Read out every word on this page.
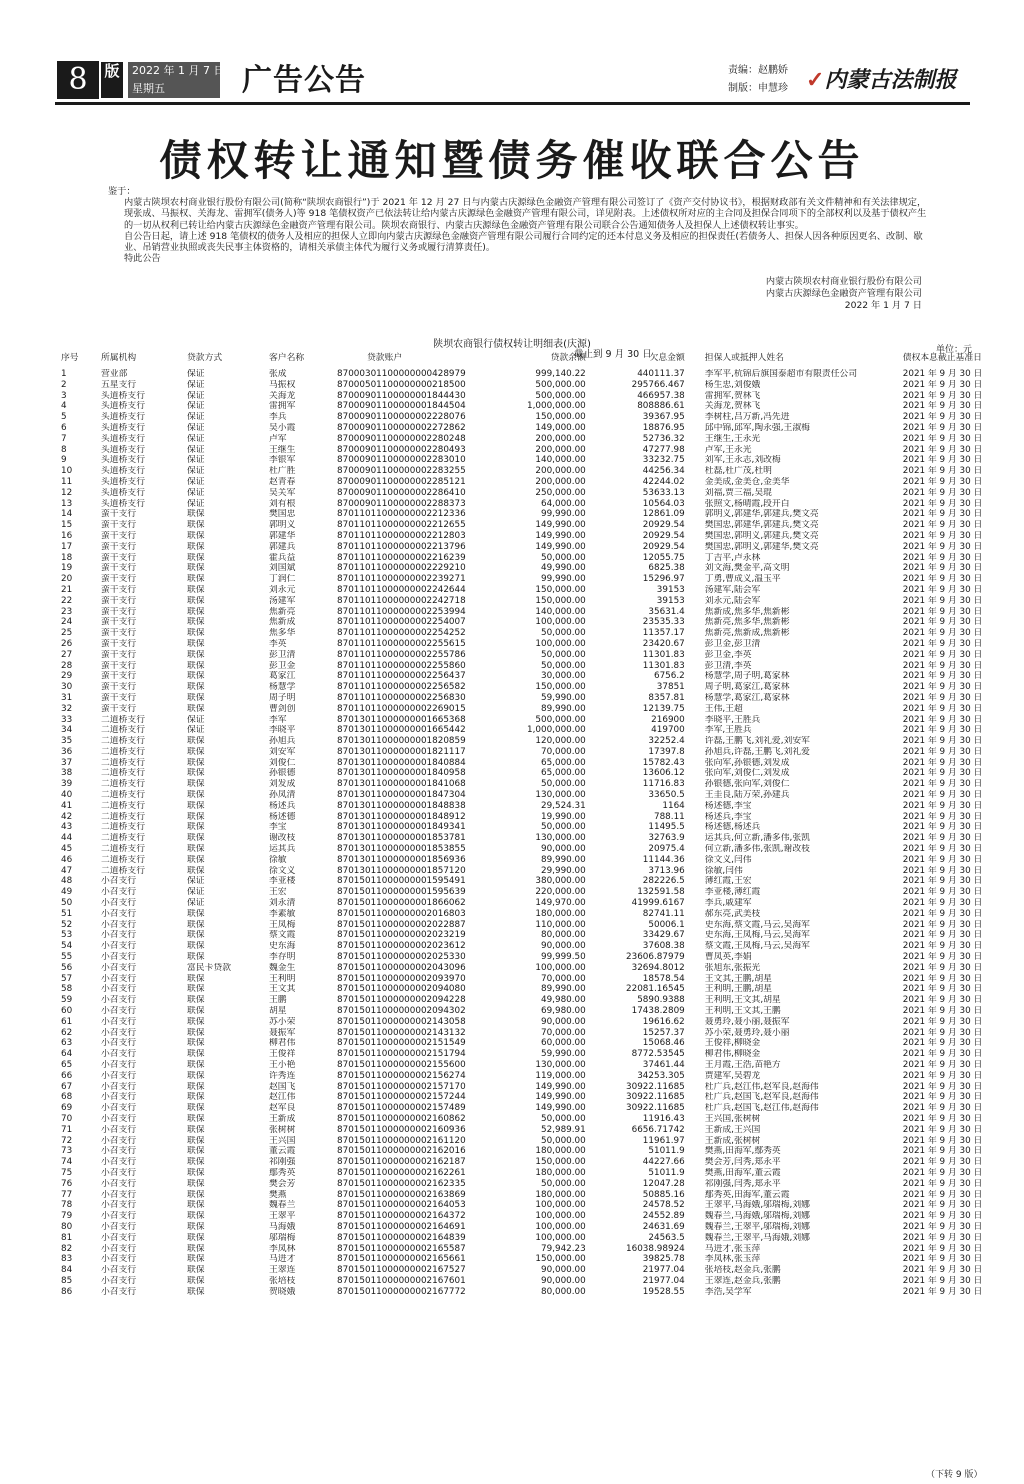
8	版	2022 年 1 月 7 日
星期五	广告公告	责编：赵鹏娇
制版：申慧珍 ✓内蒙古法制报
债权转让通知暨债务催收联合公告

鉴于：

内蒙古陕坝农村商业银行股份有限公司(简称“陕坝农商银行”)于 2021 年 12 月 27 日与内蒙古庆源绿色金融资产管理有限公司签订了《资产交付协议书》，根据财政部有关文件精神和有关法律规定，现张成、马振权、关海龙、雷拥军(债务人)等 918 笔债权资产已依法转让给内蒙古庆源绿色金融资产管理有限公司，详见附表。上述债权所对应的主合同及担保合同项下的全部权利以及基于债权产生的一切从权利已转让给内蒙古庆源绿色金融资产管理有限公司。陕坝农商银行、内蒙古庆源绿色金融资产管理有限公司联合公告通知债务人及担保人上述债权转让事实。

自公告日起，请上述 918 笔债权的债务人及相应的担保人立即向内蒙古庆源绿色金融资产管理有限公司履行合同约定的还本付息义务及相应的担保责任(若债务人、担保人因各种原因更名、改制、歇业、吊销营业执照或丧失民事主体资格的，请相关承债主体代为履行义务或履行清算责任)。

特此公告

内蒙古陕坝农村商业银行股份有限公司
内蒙古庆源绿色金融资产管理有限公司
2022 年 1 月 7 日
陕坝农商银行债权转让明细表(庆源)	单位：元
截止到 9 月 30 日
序号	所属机构	贷款方式	客户名称	贷款账户	贷款余额	欠息金额	担保人或抵押人姓名	债权本息截止基准日
1	营业部	保证	张成	87000301100000000428979	999,140.22	440111.37	李军平,杭锦后旗国泰超市有限责任公司	2021 年 9 月 30 日
2	五星支行	保证	马振权	87000501100000000218500	500,000.00	295766.467	杨生忠,刘俊娥	2021 年 9 月 30 日
3	头道桥支行	保证	关海龙	87000901100000001844430	500,000.00	466957.38	雷拥军,贺林飞	2021 年 9 月 30 日
4	头道桥支行	保证	雷拥军	87000901100000001844504	1,000,000.00	808886.61	关海龙,贺林飞	2021 年 9 月 30 日
5	头道桥支行	保证	李兵	87000901100000002228076	150,000.00	39367.95	李树柱,吕万新,冯先进	2021 年 9 月 30 日
6	头道桥支行	保证	吴小霞	87000901100000002272862	149,000.00	18876.95	邱中锦,邱军,陶永强,王淑梅	2021 年 9 月 30 日
7	头道桥支行	保证	卢军	87000901100000002280248	200,000.00	52736.32	王继生,王永光	2021 年 9 月 30 日
8	头道桥支行	保证	王继生	87000901100000002280493	200,000.00	47277.98	卢军,王永光	2021 年 9 月 30 日
9	头道桥支行	保证	李银军	87000901100000002283010	140,000.00	33232.75	刘军,王永志,刘改梅	2021 年 9 月 30 日
10	头道桥支行	保证	杜广胜	87000901100000002283255	200,000.00	44256.34	杜磊,杜广茂,杜明	2021 年 9 月 30 日
11	头道桥支行	保证	赵青春	87000901100000002285121	200,000.00	42244.02	金美成,金美仓,金美华	2021 年 9 月 30 日
12	头道桥支行	保证	吴关军	87000901100000002286410	250,000.00	53633.13	刘福,贾三福,吴琨	2021 年 9 月 30 日
13	头道桥支行	保证	刘有根	87000901100000002288373	64,000.00	10564.03	张照文,杨晴霞,段开白	2021 年 9 月 30 日
14	蛮干支行	联保	樊国忠	87011011000000002212336	99,990.00	12861.09	郭明义,郭建华,郭建兵,樊文亮	2021 年 9 月 30 日
15	蛮干支行	联保	郭明义	87011011000000002212655	149,990.00	20929.54	樊国忠,郭建华,郭建兵,樊文亮	2021 年 9 月 30 日
16	蛮干支行	联保	郭建华	87011011000000002212803	149,990.00	20929.54	樊国忠,郭明义,郭建兵,樊文亮	2021 年 9 月 30 日
17	蛮干支行	联保	郭建兵	87011011000000002213796	149,990.00	20929.54	樊国忠,郭明义,郭建华,樊文亮	2021 年 9 月 30 日
18	蛮干支行	联保	霍兵益	87011011000000002216239	50,000.00	12055.75	丁吉平,卢永林	2021 年 9 月 30 日
19	蛮干支行	联保	刘国斌	87011011000000002229210	49,990.00	6825.38	刘文海,樊金平,高文明	2021 年 9 月 30 日
20	蛮干支行	联保	丁润仁	87011011000000002239271	99,990.00	15296.97	丁勇,曹成义,温玉平	2021 年 9 月 30 日
21	蛮干支行	联保	刘永元	87011011000000002242644	150,000.00	39153	汤建军,陆会军	2021 年 9 月 30 日
22	蛮干支行	联保	汤建军	87011011000000002242718	150,000.00	39153	刘永元,陆会军	2021 年 9 月 30 日
23	蛮干支行	联保	焦新亮	87011011000000002253994	140,000.00	35631.4	焦新成,焦多华,焦新彬	2021 年 9 月 30 日
24	蛮干支行	联保	焦新成	87011011000000002254007	100,000.00	23535.33	焦新亮,焦多华,焦新彬	2021 年 9 月 30 日
25	蛮干支行	联保	焦多华	87011011000000002254252	50,000.00	11357.17	焦新亮,焦新成,焦新彬	2021 年 9 月 30 日
26	蛮干支行	联保	李英	87011011000000002255615	100,000.00	23420.67	彭卫金,彭卫清	2021 年 9 月 30 日
27	蛮干支行	联保	彭卫清	87011011000000002255786	50,000.00	11301.83	彭卫金,李英	2021 年 9 月 30 日
28	蛮干支行	联保	彭卫金	87011011000000002255860	50,000.00	11301.83	彭卫清,李英	2021 年 9 月 30 日
29	蛮干支行	联保	葛家江	87011011000000002256437	30,000.00	6756.2	杨慧学,周子明,葛家林	2021 年 9 月 30 日
30	蛮干支行	联保	杨慧学	87011011000000002256582	150,000.00	37851	周子明,葛家江,葛家林	2021 年 9 月 30 日
31	蛮干支行	联保	周子明	87011011000000002256830	59,990.00	8357.81	杨慧学,葛家江,葛家林	2021 年 9 月 30 日
32	蛮干支行	联保	曹剑创	87011011000000002269015	89,990.00	12139.75	王伟,王超	2021 年 9 月 30 日
33	二道桥支行	保证	李军	87013011000000001665368	500,000.00	216900	李晓平,王胜兵	2021 年 9 月 30 日
34	二道桥支行	保证	李晓平	87013011000000001665442	1,000,000.00	419700	李军,王胜兵	2021 年 9 月 30 日
35	二道桥支行	联保	孙旭兵	87013011000000001820859	120,000.00	32252.4	许磊,王鹏飞,刘礼爱,刘安军	2021 年 9 月 30 日
36	二道桥支行	联保	刘安军	87013011000000001821117	70,000.00	17397.8	孙旭兵,许磊,王鹏飞,刘礼爱	2021 年 9 月 30 日
37	二道桥支行	联保	刘俊仁	87013011000000001840884	65,000.00	15782.43	张向军,孙银德,刘发成	2021 年 9 月 30 日
38	二道桥支行	联保	孙银德	87013011000000001840958	65,000.00	13606.12	张向军,刘俊仁,刘发成	2021 年 9 月 30 日
39	二道桥支行	联保	刘发成	87013011000000001841068	50,000.00	11716.83	孙银德,张向军,刘俊仁	2021 年 9 月 30 日
40	二道桥支行	联保	孙凤清	87013011000000001847304	130,000.00	33650.5	王圭良,陆万荣,孙建兵	2021 年 9 月 30 日
41	二道桥支行	联保	杨述兵	87013011000000001848838	29,524.31	1164	杨述德,李宝	2021 年 9 月 30 日
42	二道桥支行	联保	杨述德	87013011000000001848912	19,990.00	788.11	杨述兵,李宝	2021 年 9 月 30 日
43	二道桥支行	联保	李宝	87013011000000001849341	50,000.00	11495.5	杨述德,杨述兵	2021 年 9 月 30 日
44	二道桥支行	联保	谢改枝	87013011000000001853781	130,000.00	32763.9	运其兵,何立新,潘多伟,张凯	2021 年 9 月 30 日
45	二道桥支行	联保	运其兵	87013011000000001853855	90,000.00	20975.4	何立新,潘多伟,张凯,谢改枝	2021 年 9 月 30 日
46	二道桥支行	联保	徐敏	87013011000000001856936	89,990.00	11144.36	徐文义,闫伟	2021 年 9 月 30 日
47	二道桥支行	联保	徐文义	87013011000000001857120	29,990.00	3713.96	徐敏,闫伟	2021 年 9 月 30 日
48	小召支行	保证	李亚楼	87015011000000001595491	380,000.00	282226.5	薄红霞,王宏	2021 年 9 月 30 日
49	小召支行	保证	王宏	87015011000000001595639	220,000.00	132591.58	李亚楼,薄红霞	2021 年 9 月 30 日
50	小召支行	保证	刘永清	87015011000000001866062	149,970.00	41999.6167	李兵,戚建军	2021 年 9 月 30 日
51	小召支行	联保	李素敏	87015011000000002016803	180,000.00	82741.11	郝东亮,武美枝	2021 年 9 月 30 日
52	小召支行	联保	王凤梅	87015011000000002022887	110,000.00	50006.1	史东海,蔡文霞,马云,吴海军	2021 年 9 月 30 日
53	小召支行	联保	蔡文霞	87015011000000002023219	80,000.00	33429.67	史东海,王凤梅,马云,吴海军	2021 年 9 月 30 日
54	小召支行	联保	史东海	87015011000000002023612	90,000.00	37608.38	蔡文霞,王凤梅,马云,吴海军	2021 年 9 月 30 日
55	小召支行	联保	李存明	87015011000000002025330	99,999.50	23606.87979	曹凤英,李娟	2021 年 9 月 30 日
56	小召支行	富民卡贷款	魏金生	87015011000000002043096	100,000.00	32694.8012	张旭东,张振光	2021 年 9 月 30 日
57	小召支行	联保	王利明	87015011000000002093970	70,000.00	18578.54	王文其,王鹏,胡星	2021 年 9 月 30 日
58	小召支行	联保	王文其	87015011000000002094080	89,990.00	22081.16545	王利明,王鹏,胡星	2021 年 9 月 30 日
59	小召支行	联保	王鹏	87015011000000002094228	49,980.00	5890.9388	王利明,王文其,胡星	2021 年 9 月 30 日
60	小召支行	联保	胡星	87015011000000002094302	69,980.00	17438.2809	王利明,王文其,王鹏	2021 年 9 月 30 日
61	小召支行	联保	苏小荣	87015011000000002143058	90,000.00	19616.62	聂勇玲,聂小丽,聂振军	2021 年 9 月 30 日
62	小召支行	联保	聂振军	87015011000000002143132	70,000.00	15257.37	苏小荣,聂勇玲,聂小丽	2021 年 9 月 30 日
63	小召支行	联保	柳君伟	87015011000000002151549	60,000.00	15068.46	王俊祥,柳晓金	2021 年 9 月 30 日
64	小召支行	联保	王俊祥	87015011000000002151794	59,990.00	8772.53545	柳君伟,柳晓金	2021 年 9 月 30 日
65	小召支行	联保	王小艳	87015011000000002155600	130,000.00	37461.44	王月霞,王浩,苗艳方	2021 年 9 月 30 日
66	小召支行	联保	许秀连	87015011000000002156274	119,000.00	34253.305	贾建军,吴碧龙	2021 年 9 月 30 日
67	小召支行	联保	赵国飞	87015011000000002157170	149,990.00	30922.11685	杜广兵,赵江伟,赵军良,赵海伟	2021 年 9 月 30 日
68	小召支行	联保	赵江伟	87015011000000002157244	149,990.00	30922.11685	杜广兵,赵国飞,赵军良,赵海伟	2021 年 9 月 30 日
69	小召支行	联保	赵军良	87015011000000002157489	149,990.00	30922.11685	杜广兵,赵国飞,赵江伟,赵海伟	2021 年 9 月 30 日
70	小召支行	联保	王新成	87015011000000002160862	50,000.00	11916.43	王兴国,张树树	2021 年 9 月 30 日
71	小召支行	联保	张树树	87015011000000002160936	52,989.91	6656.71742	王新成,王兴国	2021 年 9 月 30 日
72	小召支行	联保	王兴国	87015011000000002161120	50,000.00	11961.97	王新成,张树树	2021 年 9 月 30 日
73	小召支行	联保	董云霞	87015011000000002162016	180,000.00	51011.9	樊燕,田海军,鄢秀英	2021 年 9 月 30 日
74	小召支行	联保	祁刚强	87015011000000002162187	150,000.00	44227.66	樊会芳,闫秀,郑永平	2021 年 9 月 30 日
75	小召支行	联保	鄢秀英	87015011000000002162261	180,000.00	51011.9	樊燕,田海军,董云霞	2021 年 9 月 30 日
76	小召支行	联保	樊会芳	87015011000000002162335	50,000.00	12047.28	祁刚强,闫秀,郑永平	2021 年 9 月 30 日
77	小召支行	联保	樊燕	87015011000000002163869	180,000.00	50885.16	鄢秀英,田海军,董云霞	2021 年 9 月 30 日
78	小召支行	联保	魏春兰	87015011000000002164053	100,000.00	24578.52	王翠平,马海娥,邬瑞梅,刘娜	2021 年 9 月 30 日
79	小召支行	联保	王翠平	87015011000000002164372	100,000.00	24552.89	魏春兰,马海娥,邬瑞梅,刘娜	2021 年 9 月 30 日
80	小召支行	联保	马海娥	87015011000000002164691	100,000.00	24631.69	魏春兰,王翠平,邬瑞梅,刘娜	2021 年 9 月 30 日
81	小召支行	联保	邬瑞梅	87015011000000002164839	100,000.00	24563.5	魏春兰,王翠平,马海娥,刘娜	2021 年 9 月 30 日
82	小召支行	联保	李凤林	87015011000000002165587	79,942.23	16038.98924	马进才,张玉萍	2021 年 9 月 30 日
83	小召支行	联保	马进才	87015011000000002165661	150,000.00	39825.78	李凤林,张玉萍	2021 年 9 月 30 日
84	小召支行	联保	王翠连	87015011000000002167527	90,000.00	21977.04	张培枝,赵金兵,张鹏	2021 年 9 月 30 日
85	小召支行	联保	张培枝	87015011000000002167601	90,000.00	21977.04	王翠连,赵金兵,张鹏	2021 年 9 月 30 日
86	小召支行	联保	贺晓娥	87015011000000002167772	80,000.00	19528.55	李浩,吴学军	2021 年 9 月 30 日
（下转 9 版）
